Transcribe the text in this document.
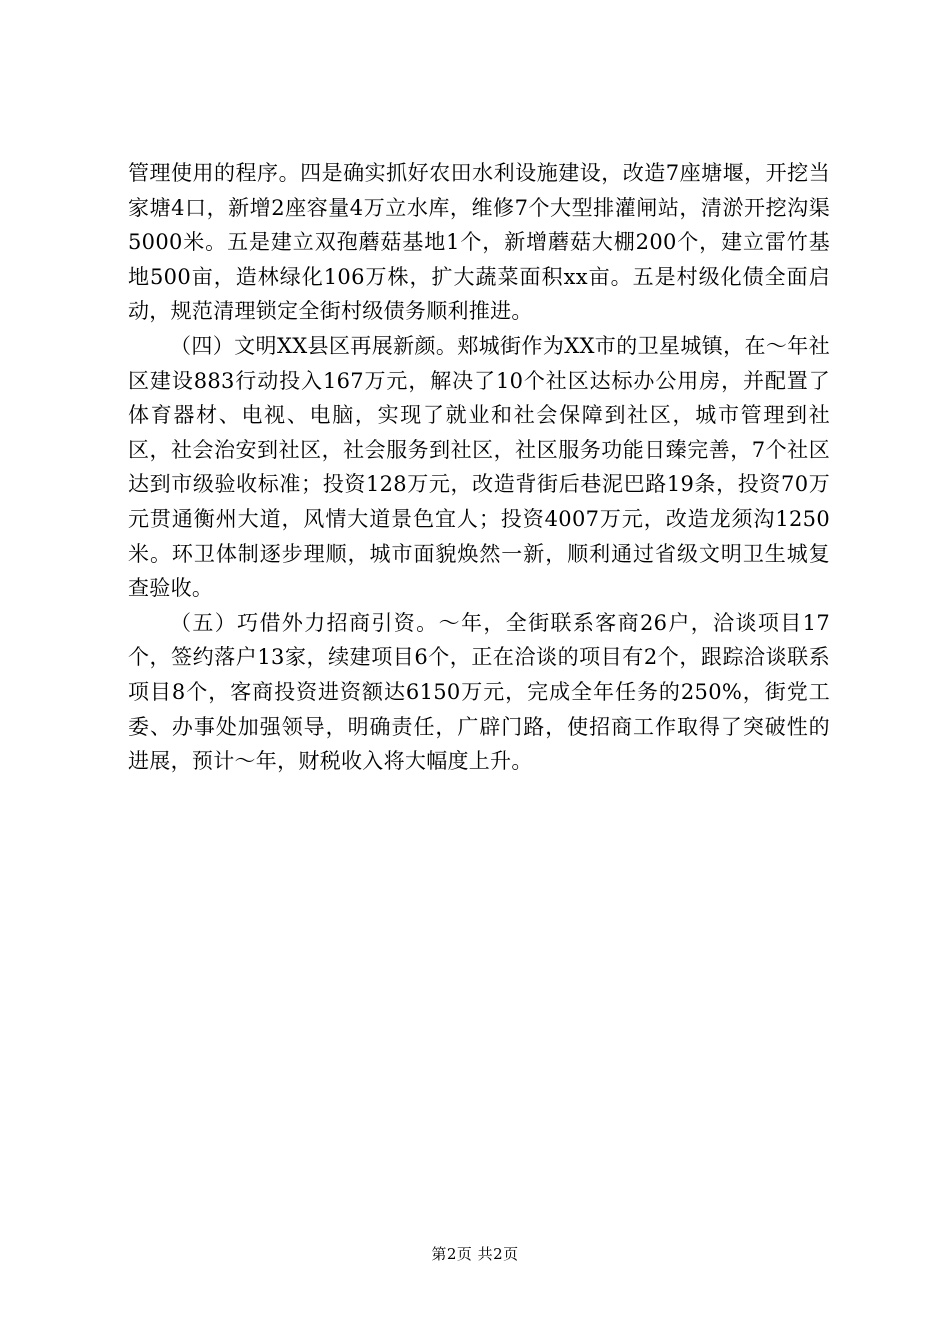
管理使用的程序。四是确实抓好农田水利设施建设，改造7座塘堰，开挖当家塘4口，新增2座容量4万立水库，维修7个大型排灌闸站，清淤开挖沟渠5000米。五是建立双孢蘑菇基地1个，新增蘑菇大棚200个，建立雷竹基地500亩，造林绿化106万株，扩大蔬菜面积xx亩。五是村级化债全面启动，规范清理锁定全街村级债务顺利推进。

（四）文明XX县区再展新颜。郏城街作为XX市的卫星城镇，在～年社区建设883行动投入167万元，解决了10个社区达标办公用房，并配置了体育器材、电视、电脑，实现了就业和社会保障到社区，城市管理到社区，社会治安到社区，社会服务到社区，社区服务功能日臻完善，7个社区达到市级验收标准；投资128万元，改造背街后巷泥巴路19条，投资70万元贯通衡州大道，风情大道景色宜人；投资4007万元，改造龙须沟1250米。环卫体制逐步理顺，城市面貌焕然一新，顺利通过省级文明卫生城复查验收。

（五）巧借外力招商引资。～年，全街联系客商26户，洽谈项目17个，签约落户13家，续建项目6个，正在洽谈的项目有2个，跟踪洽谈联系项目8个，客商投资进资额达6150万元，完成全年任务的250%，街党工委、办事处加强领导，明确责任，广辟门路，使招商工作取得了突破性的进展，预计～年，财税收入将大幅度上升。

第2页 共2页
